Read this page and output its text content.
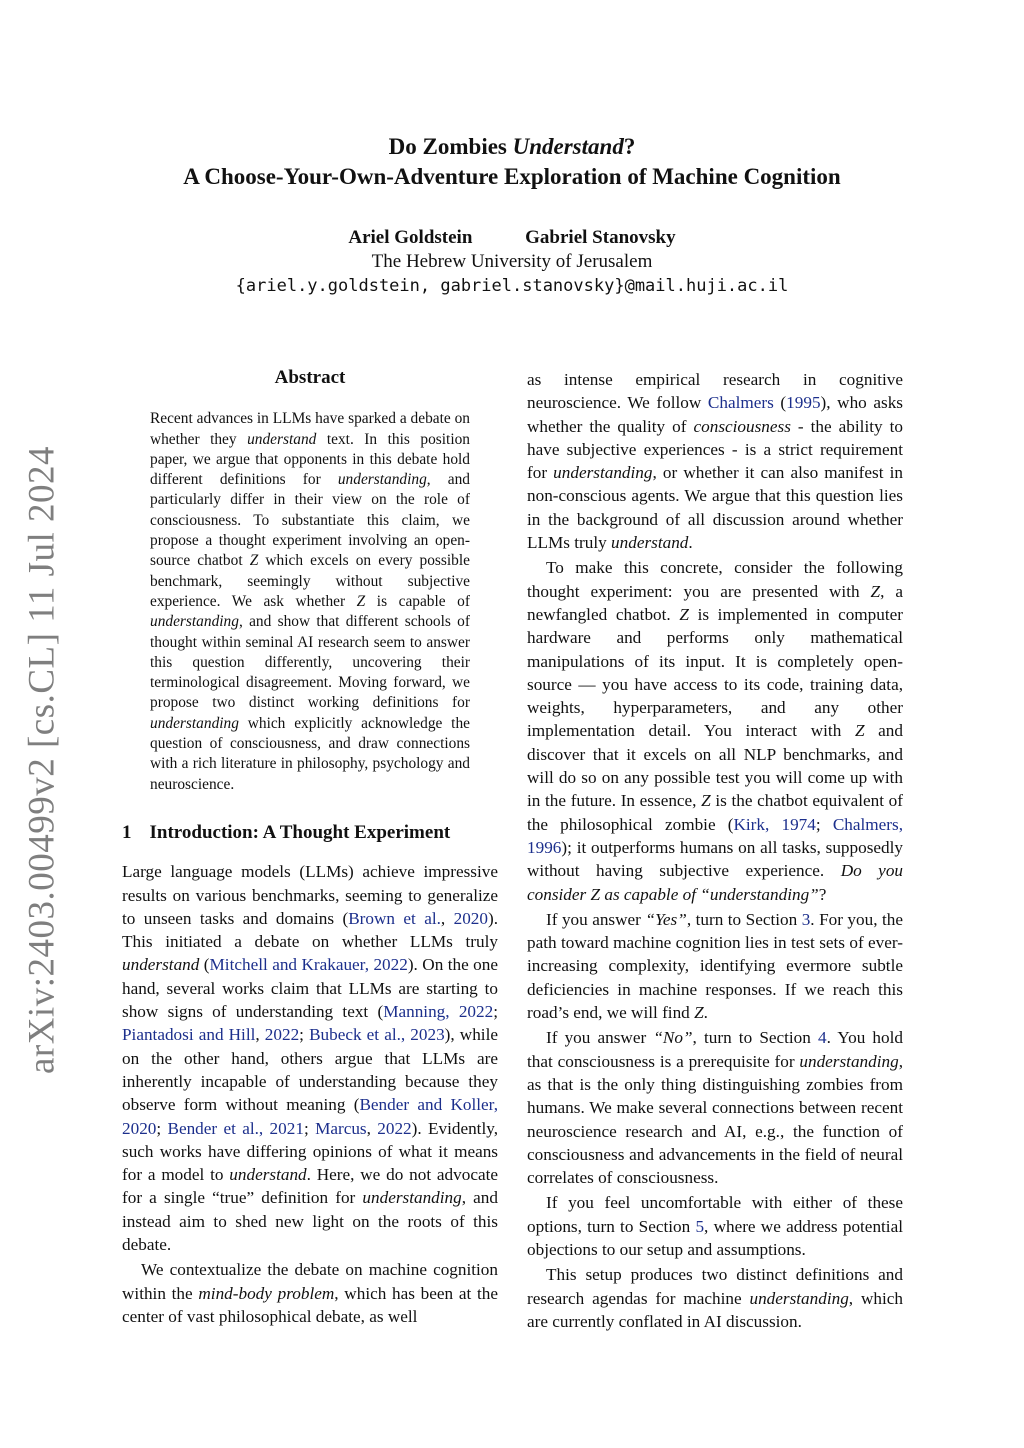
arXiv:2403.00499v2 [cs.CL] 11 Jul 2024
Do Zombies Understand?
A Choose-Your-Own-Adventure Exploration of Machine Cognition
Ariel Goldstein	Gabriel Stanovsky
The Hebrew University of Jerusalem
{ariel.y.goldstein, gabriel.stanovsky}@mail.huji.ac.il
Abstract

Recent advances in LLMs have sparked a debate on whether they understand text. In this position paper, we argue that opponents in this debate hold different definitions for understanding, and particularly differ in their view on the role of consciousness. To substantiate this claim, we propose a thought experiment involving an open-source chatbot Z which excels on every possible benchmark, seemingly without subjective experience. We ask whether Z is capable of understanding, and show that different schools of thought within seminal AI research seem to answer this question differently, uncovering their terminological disagreement. Moving forward, we propose two distinct working definitions for understanding which explicitly acknowledge the question of consciousness, and draw connections with a rich literature in philosophy, psychology and neuroscience.

1 Introduction: A Thought Experiment

Large language models (LLMs) achieve impressive results on various benchmarks, seeming to generalize to unseen tasks and domains (Brown et al., 2020). This initiated a debate on whether LLMs truly understand (Mitchell and Krakauer, 2022). On the one hand, several works claim that LLMs are starting to show signs of understanding text (Manning, 2022; Piantadosi and Hill, 2022; Bubeck et al., 2023), while on the other hand, others argue that LLMs are inherently incapable of understanding because they observe form without meaning (Bender and Koller, 2020; Bender et al., 2021; Marcus, 2022). Evidently, such works have differing opinions of what it means for a model to understand. Here, we do not advocate for a single “true” definition for understanding, and instead aim to shed new light on the roots of this debate.

We contextualize the debate on machine cognition within the mind-body problem, which has been at the center of vast philosophical debate, as well

as intense empirical research in cognitive neuroscience. We follow Chalmers (1995), who asks whether the quality of consciousness - the ability to have subjective experiences - is a strict requirement for understanding, or whether it can also manifest in non-conscious agents. We argue that this question lies in the background of all discussion around whether LLMs truly understand.

To make this concrete, consider the following thought experiment: you are presented with Z, a newfangled chatbot. Z is implemented in computer hardware and performs only mathematical manipulations of its input. It is completely open-source — you have access to its code, training data, weights, hyperparameters, and any other implementation detail. You interact with Z and discover that it excels on all NLP benchmarks, and will do so on any possible test you will come up with in the future. In essence, Z is the chatbot equivalent of the philosophical zombie (Kirk, 1974; Chalmers, 1996); it outperforms humans on all tasks, supposedly without having subjective experience. Do you consider Z as capable of “understanding”?

If you answer “Yes”, turn to Section 3. For you, the path toward machine cognition lies in test sets of ever-increasing complexity, identifying evermore subtle deficiencies in machine responses. If we reach this road’s end, we will find Z.

If you answer “No”, turn to Section 4. You hold that consciousness is a prerequisite for understanding, as that is the only thing distinguishing zombies from humans. We make several connections between recent neuroscience research and AI, e.g., the function of consciousness and advancements in the field of neural correlates of consciousness.

If you feel uncomfortable with either of these options, turn to Section 5, where we address potential objections to our setup and assumptions.

This setup produces two distinct definitions and research agendas for machine understanding, which are currently conflated in AI discussion.
